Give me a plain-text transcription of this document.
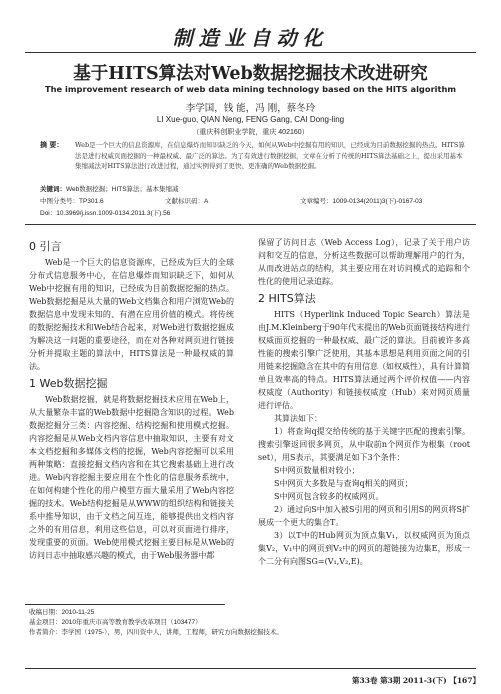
制造业自动化
基于HITS算法对Web数据挖掘技术改进研究
The improvement research of web data mining technology based on the HITS algorithm
李学国，钱 能，冯 刚，蔡冬玲
LI Xue-guo, QIAN Neng, FENG Gang, CAI Dong-ling
（重庆科创职业学院，重庆 402160）
摘 要： Web是一个巨大的信息资源库，在信息爆炸而知识缺乏的今天，如何从Web中挖掘有用的知识，已经成为目前数据挖掘的热点。HITS算法是进行权威页面挖掘的一种最权威、最广泛的算法。为了有效进行数据挖掘，文章在分析了传统的HITS算法基础之上，提出采用基本集缩减法对HITS算法进行改进过程，通过实例得到了更快、更准确的Web数据挖掘。
关键词：Web数据挖掘；HITS算法；基本集缩减
中图分类号：TP301.6	文献标识码：A	文章编号：1009-0134(2011)3(下)-0167-03
Doi：10.3969/j.issn.1009-0134.2011.3(下).56
0 引言

Web是一个巨大的信息资源库，已经成为巨大的全球分布式信息服务中心，在信息爆炸而知识缺乏下，如何从Web中挖掘有用的知识，已经成为目前数据挖掘的热点。Web数据挖掘是从大量的Web文档集合和用户浏览Web的数据信息中发现未知的、有潜在应用价值的模式。将传统的数据挖掘技术和Web结合起来，对Web进行数据挖掘成为解决这一问题的重要途径，而在对各种对网页进行链接分析并提取主题的算法中，HITS算法是一种最权威的算法。

1 Web数据挖掘

Web数据挖掘，就是将数据挖掘技术应用在Web上，从大量繁杂丰富的Web数据中挖掘隐含知识的过程。Web数据挖掘分三类：内容挖掘、结构挖掘和使用模式挖掘。内容挖掘是从Web文档内容信息中抽取知识，主要有对文本文档挖掘和多媒体文档的挖掘，Web内容挖掘可以采用两种策略：直接挖掘文档内容和在其它搜索基础上进行改进。Web内容挖掘主要应用在个性化的信息服务系统中，在如何构建个性化的用户模型方面大量采用了Web内容挖掘的技术。Web结构挖掘是从WWW的组织结构和链接关系中推导知识，由于文档之间互连，能够提供出文档内容之外的有用信息，利用这些信息，可以对页面进行排序，发现重要的页面。Web使用模式挖掘主要目标是从Web的访问日志中抽取感兴趣的模式，由于Web服务器中都

保留了访问日志（Web Access Log），记录了关于用户访问和交互的信息，分析这些数据可以帮助理解用户的行为，从而改进站点的结构，其主要应用在对访问模式的追踪和个性化的使用记录追踪。

2 HITS算法

HITS（Hyperlink Induced Topic Search）算法是由J.M.Kleinberg于90年代末提出的Web页面链接结构进行权威面页挖掘的一种最权威、最广泛的算法。目前被许多高性能的搜索引擎广泛使用，其基本思想是利用页面之间的引用链来挖掘隐含在其中的有用信息（如权威性），具有计算简单且效率高的特点。HITS算法通过两个评价权值——内容权威度（Authority）和链接权威度（Hub）来对网页质量进行评估。

其算法如下：

1）将查询q提交给传统的基于关键字匹配的搜索引擎。搜索引擎返回很多网页，从中取前n个网页作为根集（root set），用S表示，其要满足如下3个条件：

S中网页数量相对较小；

S中网页大多数是与查询q相关的网页；

S中网页包含较多的权威网页。

2）通过向S中加入被S引用的网页和引用S的网页将S扩展成一个更大的集合T。

3）以T中的Hub网页为顶点集V₁，以权威网页为顶点集V₂，V₁中的网页到V₂中的网页的超链接为边集E，形成一个二分有向图SG=(V₁,V₂,E)。

收稿日期：2010-11-25
基金项目：2010年重庆市高等教育教学改革项目（103477）
作者简介：李学国（1975-），男，四川资中人，讲师，工程师，研究方向数据挖掘技术。
第33卷 第3期 2011-3(下) 【167】
